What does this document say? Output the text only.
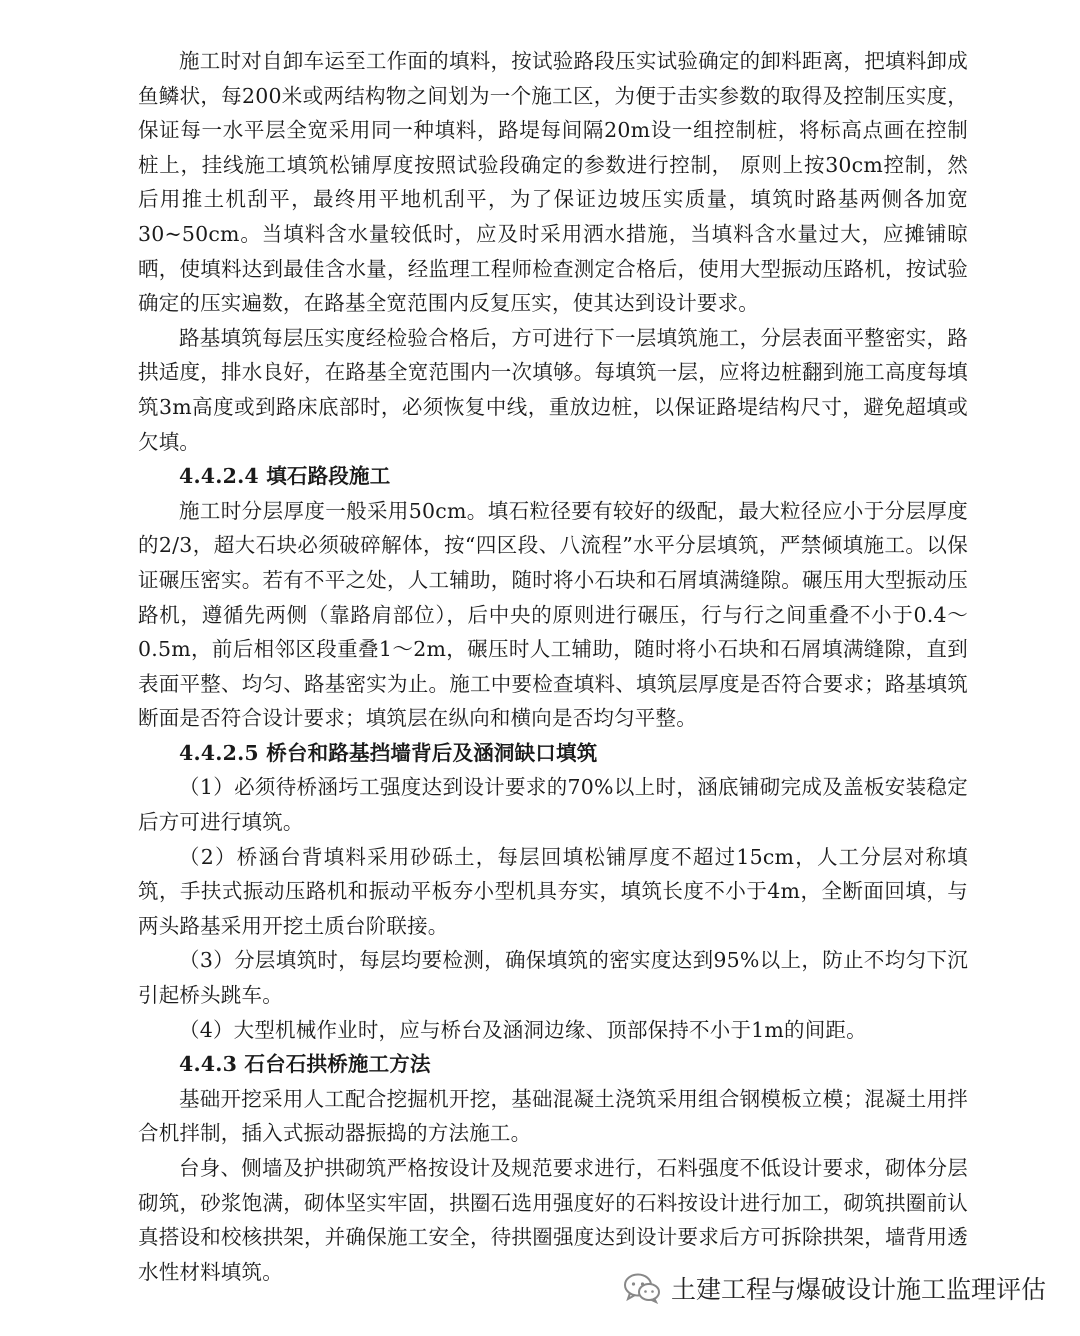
施工时对自卸车运至工作面的填料，按试验路段压实试验确定的卸料距离，把填料卸成鱼鳞状，每200米或两结构物之间划为一个施工区，为便于击实参数的取得及控制压实度，保证每一水平层全宽采用同一种填料，路堤每间隔20m设一组控制桩，将标高点画在控制桩上，挂线施工填筑松铺厚度按照试验段确定的参数进行控制， 原则上按30cm控制，然后用推土机刮平，最终用平地机刮平，为了保证边坡压实质量，填筑时路基两侧各加宽30~50cm。当填料含水量较低时，应及时采用洒水措施，当填料含水量过大，应摊铺晾晒，使填料达到最佳含水量，经监理工程师检查测定合格后，使用大型振动压路机，按试验确定的压实遍数，在路基全宽范围内反复压实，使其达到设计要求。

路基填筑每层压实度经检验合格后，方可进行下一层填筑施工，分层表面平整密实，路拱适度，排水良好，在路基全宽范围内一次填够。每填筑一层，应将边桩翻到施工高度每填筑3m高度或到路床底部时，必须恢复中线，重放边桩，以保证路堤结构尺寸，避免超填或欠填。

4.4.2.4 填石路段施工

施工时分层厚度一般采用50cm。填石粒径要有较好的级配，最大粒径应小于分层厚度的2/3，超大石块必须破碎解体，按“四区段、八流程”水平分层填筑，严禁倾填施工。以保证碾压密实。若有不平之处，人工辅助，随时将小石块和石屑填满缝隙。碾压用大型振动压路机，遵循先两侧（靠路肩部位），后中央的原则进行碾压，行与行之间重叠不小于0.4～0.5m，前后相邻区段重叠1～2m，碾压时人工辅助，随时将小石块和石屑填满缝隙，直到表面平整、均匀、路基密实为止。施工中要检查填料、填筑层厚度是否符合要求；路基填筑断面是否符合设计要求；填筑层在纵向和横向是否均匀平整。

4.4.2.5 桥台和路基挡墙背后及涵洞缺口填筑

（1）必须待桥涵圬工强度达到设计要求的70%以上时，涵底铺砌完成及盖板安装稳定后方可进行填筑。

（2）桥涵台背填料采用砂砾土，每层回填松铺厚度不超过15cm，人工分层对称填筑，手扶式振动压路机和振动平板夯小型机具夯实，填筑长度不小于4m，全断面回填，与两头路基采用开挖土质台阶联接。

（3）分层填筑时，每层均要检测，确保填筑的密实度达到95%以上，防止不均匀下沉引起桥头跳车。

（4）大型机械作业时，应与桥台及涵洞边缘、顶部保持不小于1m的间距。

4.4.3 石台石拱桥施工方法

基础开挖采用人工配合挖掘机开挖，基础混凝土浇筑采用组合钢模板立模；混凝土用拌合机拌制，插入式振动器振捣的方法施工。

台身、侧墙及护拱砌筑严格按设计及规范要求进行，石料强度不低设计要求，砌体分层砌筑，砂浆饱满，砌体坚实牢固，拱圈石选用强度好的石料按设计进行加工，砌筑拱圈前认真搭设和校核拱架，并确保施工安全，待拱圈强度达到设计要求后方可拆除拱架，墙背用透水性材料填筑。

土建工程与爆破设计施工监理评估
